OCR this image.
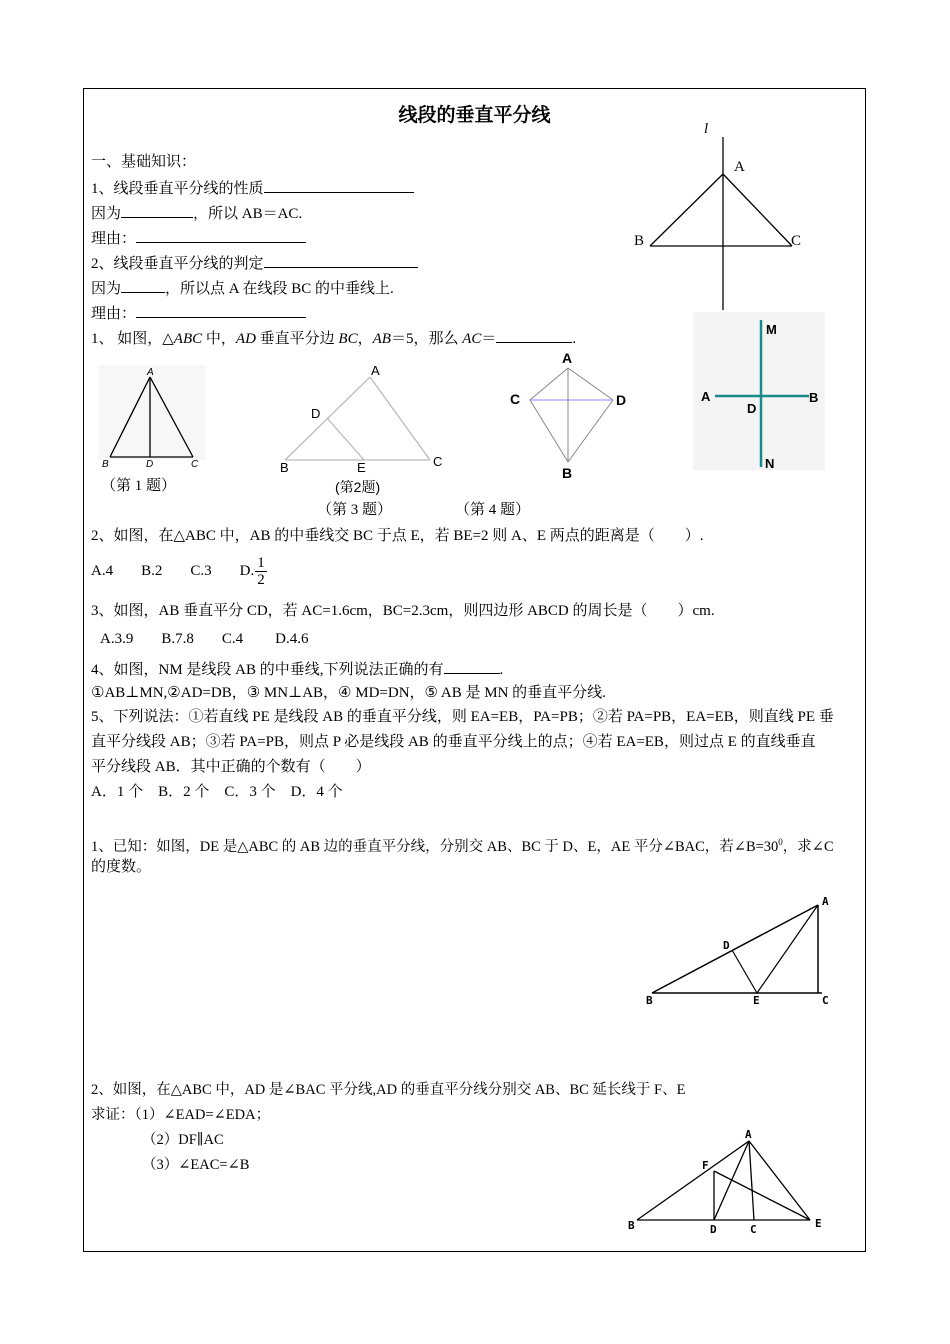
线段的垂直平分线
一、基础知识：
1、线段垂直平分线的性质
因为	，所以 AB＝AC.
理由：
2、线段垂直平分线的判定
因为	，所以点 A 在线段 BC 的中垂线上.
理由：
l
A
B	C
1、 如图，△ABC 中，AD 垂直平分边 BC，AB＝5，那么 AC＝	.
A
B	D	C
（第 1 题）
A
D
B	E	C
(第2题)
（第 3 题）	（第 4 题）
A
C	D
B
M
A
D
B
N
2、如图，在△ABC 中，AB 的中垂线交 BC 于点 E，若 BE=2 则 A、E 两点的距离是（　　）.
A.4 B.2 C.3 D. $\frac{1}{2}$
3、如图，AB 垂直平分 CD，若 AC=1.6cm，BC=2.3cm，则四边形 ABCD 的周长是（　　）cm.
A.3.9 B.7.8 C.4 D.4.6
4、如图，NM 是线段 AB 的中垂线,下列说法正确的有	.
①AB⊥MN,②AD=DB，③ MN⊥AB，④ MD=DN，⑤ AB 是 MN 的垂直平分线.
5、下列说法：①若直线 PE 是线段 AB 的垂直平分线，则 EA=EB，PA=PB；②若 PA=PB，EA=EB，则直线 PE 垂
直平分线段 AB；③若 PA=PB，则点 P 必是线段 AB 的垂直平分线上的点；④若 EA=EB，则过点 E 的直线垂直
平分线段 AB．其中正确的个数有（　　）
A．1 个　B．2 个　C．3 个　D．4 个
1、已知：如图，DE 是△ABC 的 AB 边的垂直平分线，分别交 AB、BC 于 D、E，AE 平分∠BAC，若$\angle B=30^0$，求∠C
的度数。
A
D
B	E	C
2、如图，在△ABC 中，AD 是∠BAC 平分线,AD 的垂直平分线分别交 AB、BC 延长线于 F、E
求证：（1）∠EAD=∠EDA；
（2）DF∥AC
（3）∠EAC=∠B
A
F
B	D	C	E
